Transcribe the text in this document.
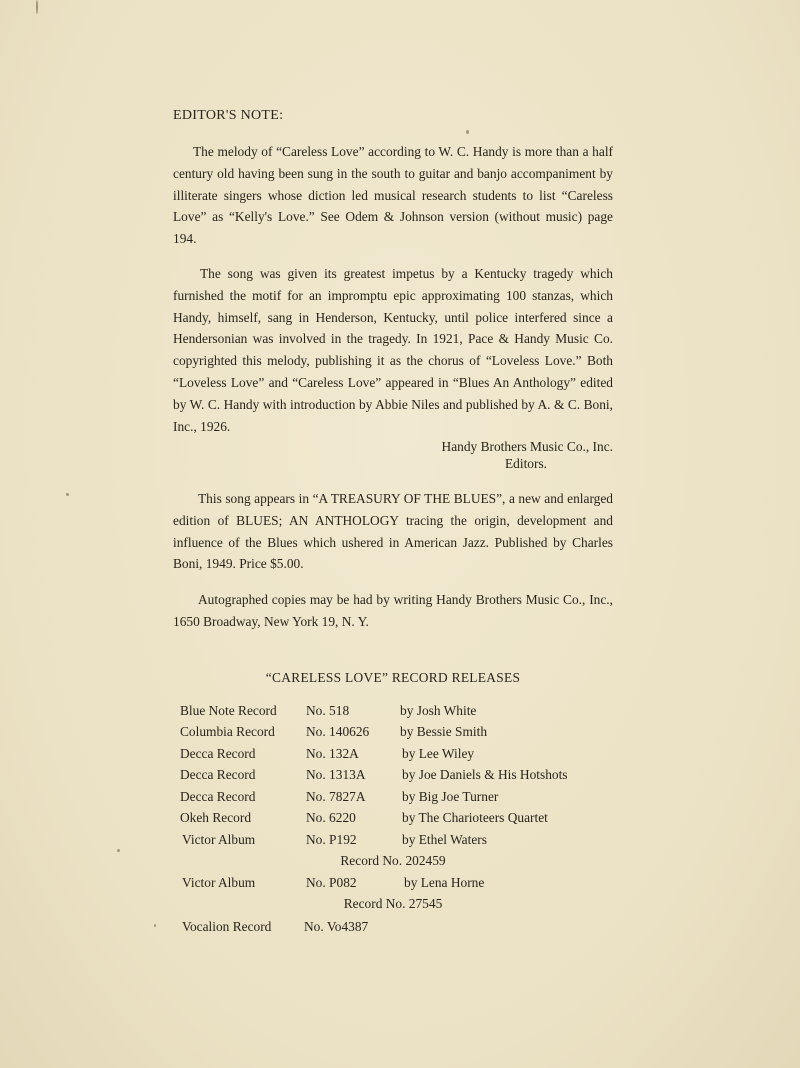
EDITOR'S NOTE:

The melody of “Careless Love” according to W. C. Handy is more than a half century old having been sung in the south to guitar and banjo accompaniment by illiterate singers whose diction led musical research students to list “Careless Love” as “Kelly's Love.” See Odem & Johnson version (without music) page 194.

The song was given its greatest impetus by a Kentucky tragedy which furnished the motif for an impromptu epic approximating 100 stanzas, which Handy, himself, sang in Henderson, Kentucky, until police interfered since a Hendersonian was involved in the tragedy. In 1921, Pace & Handy Music Co. copyrighted this melody, publishing it as the chorus of “Loveless Love.” Both “Loveless Love” and “Careless Love” appeared in “Blues An Anthology” edited by W. C. Handy with introduction by Abbie Niles and published by A. & C. Boni, Inc., 1926.

Handy Brothers Music Co., Inc.
Editors.

This song appears in “A TREASURY OF THE BLUES”, a new and enlarged edition of BLUES; AN ANTHOLOGY tracing the origin, development and influence of the Blues which ushered in American Jazz. Published by Charles Boni, 1949. Price $5.00.

Autographed copies may be had by writing Handy Brothers Music Co., Inc., 1650 Broadway, New York 19, N. Y.

“CARELESS LOVE” RECORD RELEASES
Blue Note Record No. 518	by Josh White
Columbia Record No. 140626 by Bessie Smith
Decca Record	No. 132A	by Lee Wiley
Decca Record	No. 1313A	by Joe Daniels & His Hotshots
Decca Record	No. 7827A	by Big Joe Turner
Okeh Record	No. 6220	by The Charioteers Quartet
Victor Album	No. P192	by Ethel Waters
Record No. 202459
Victor Album	No. P082	by Lena Horne
Record No. 27545
Vocalion Record No. Vo4387
